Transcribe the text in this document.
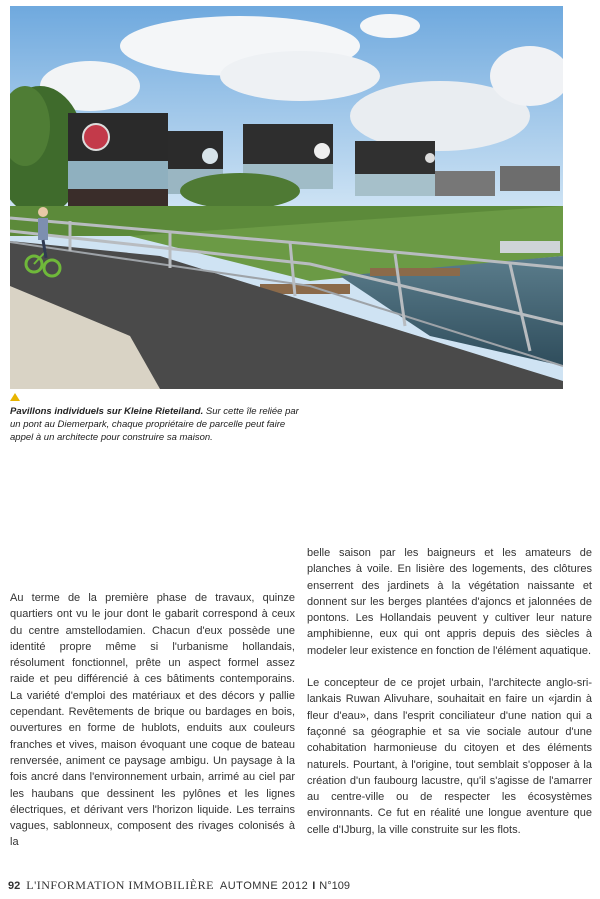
Pavillons individuels sur Kleine Rieteiland. Sur cette île reliée par un pont au Diemerpark, chaque propriétaire de parcelle peut faire appel à un architecte pour construire sa maison.

Au terme de la première phase de travaux, quinze quartiers ont vu le jour dont le gabarit correspond à ceux du centre amstellodamien. Chacun d'eux possède une identité propre même si l'urbanisme hollandais, résolument fonctionnel, prête un aspect formel assez raide et peu différencié à ces bâtiments contemporains. La variété d'emploi des matériaux et des décors y pallie cependant. Revêtements de brique ou bardages en bois, ouvertures en forme de hublots, enduits aux couleurs franches et vives, maison évoquant une coque de bateau renversée, animent ce paysage ambigu. Un paysage à la fois ancré dans l'environnement urbain, arrimé au ciel par les haubans que dessinent les pylônes et les lignes électriques, et dérivant vers l'horizon liquide. Les terrains vagues, sablonneux, composent des rivages colonisés à la

belle saison par les baigneurs et les amateurs de planches à voile. En lisière des logements, des clôtures enserrent des jardinets à la végétation naissante et donnent sur les berges plantées d'ajoncs et jalonnées de pontons. Les Hollandais peuvent y cultiver leur nature amphibienne, eux qui ont appris depuis des siècles à modeler leur existence en fonction de l'élément aquatique.

Le concepteur de ce projet urbain, l'architecte anglo-sri-lankais Ruwan Alivuhare, souhaitait en faire un «jardin à fleur d'eau», dans l'esprit conciliateur d'une nation qui a façonné sa géographie et sa vie sociale autour d'une cohabitation harmonieuse du citoyen et des éléments naturels. Pourtant, à l'origine, tout semblait s'opposer à la création d'un faubourg lacustre, qu'il s'agisse de l'amarrer au centre-ville ou de respecter les écosystèmes environnants. Ce fut en réalité une longue aventure que celle d'IJburg, la ville construite sur les flots.

92 L'INFORMATION IMMOBILIÈRE AUTOMNE 2012 I N°109
